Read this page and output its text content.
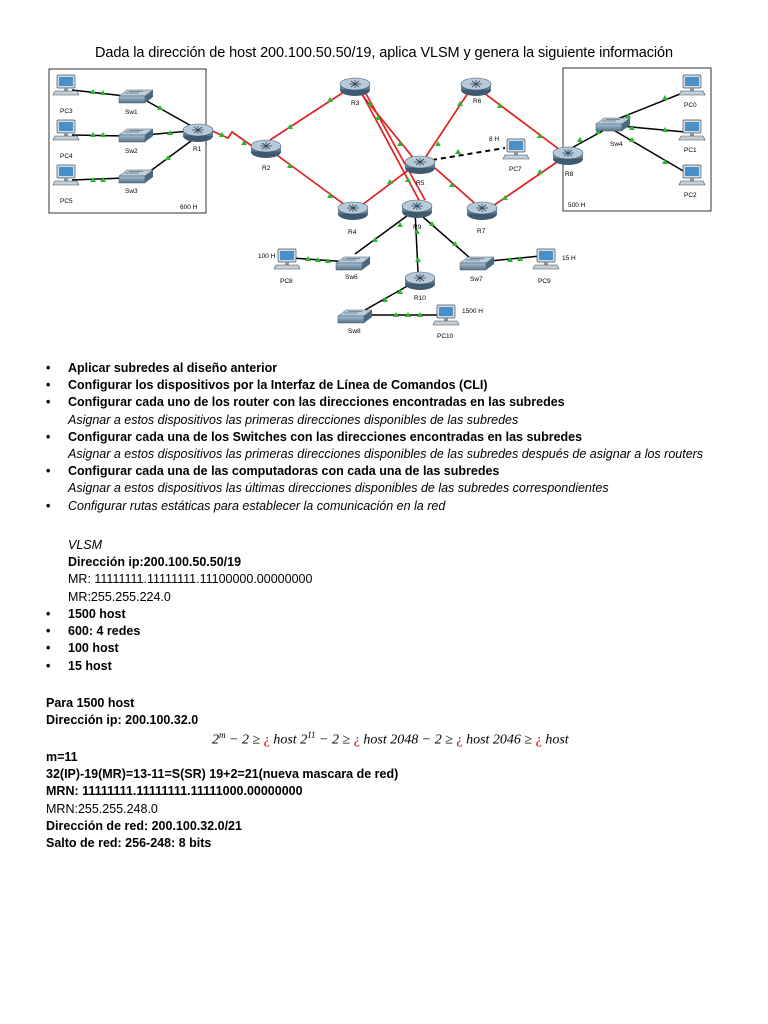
Dada la dirección de host 200.100.50.50/19, aplica VLSM y genera la siguiente información
PC3
PC4
PC5
Sw1
Sw2
Sw3
R1
R2
R3
R4
R5
R6
R7
R8
R9
R10
Sw4
Sw6	Sw7
Sw8
PC0
PC1
PC2
PC7
PC8	PC9
PC10
600 H	500 H
8 H
100 H	15 H
1500 H
• Aplicar subredes al diseño anterior
• Configurar los dispositivos por la Interfaz de Línea de Comandos (CLI)
• Configurar cada uno de los router con las direcciones encontradas en las subredes
Asignar a estos dispositivos las primeras direcciones disponibles de las subredes
• Configurar cada una de los Switches con las direcciones encontradas en las subredes
Asignar a estos dispositivos las primeras direcciones disponibles de las subredes después de asignar a los routers
• Configurar cada una de las computadoras con cada una de las subredes
Asignar a estos dispositivos las últimas direcciones disponibles de las subredes correspondientes
• Configurar rutas estáticas para establecer la comunicación en la red
VLSM
Dirección ip:200.100.50.50/19
MR: 11111111.11111111.11100000.00000000
MR:255.255.224.0
• 1500 host
• 600: 4 redes
• 100 host
• 15 host
Para 1500 host
Dirección ip: 200.100.32.0
$2^m - 2$ ≥ ¿ host $2^{11} - 2$ ≥ ¿ host 2048 − 2 ≥ ¿ host 2046 ≥ ¿ host
m=11
32(IP)-19(MR)=13-11=S(SR) 19+2=21(nueva mascara de red)
MRN: 11111111.11111111.11111000.00000000
MRN:255.255.248.0
Dirección de red: 200.100.32.0/21
Salto de red: 256-248: 8 bits
